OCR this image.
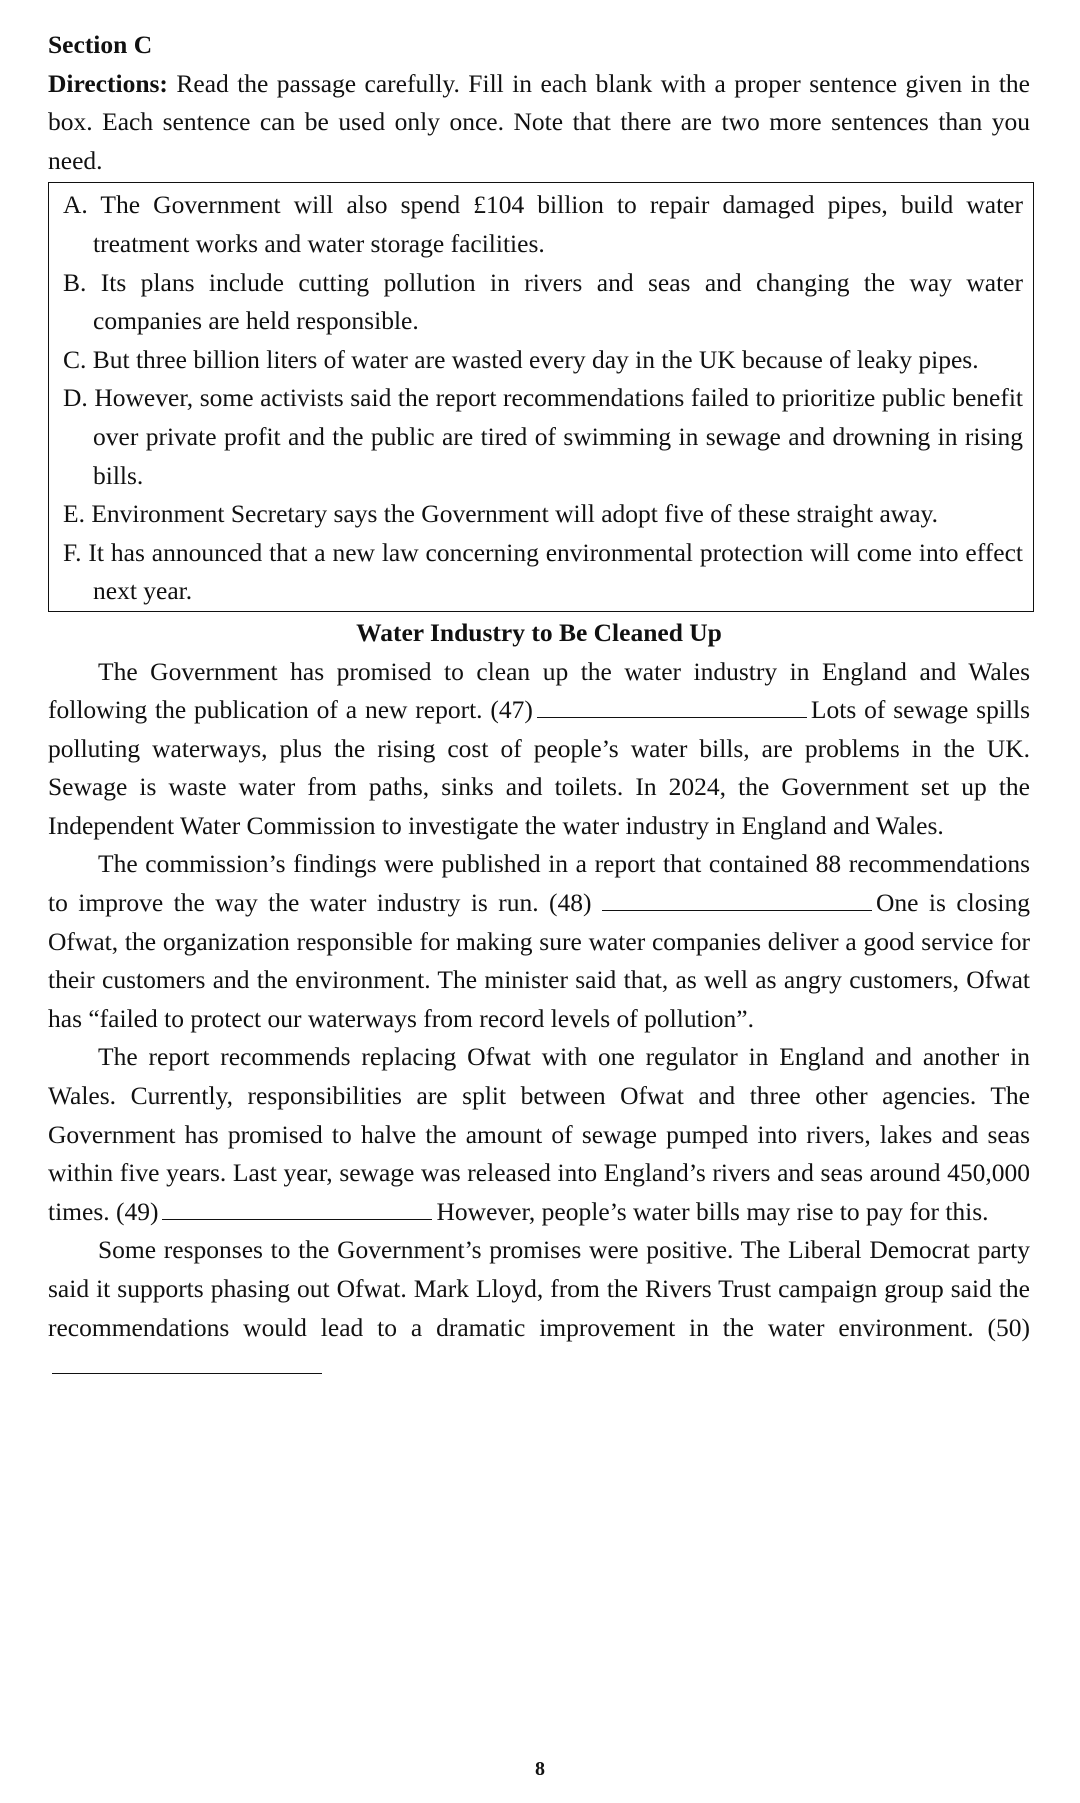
Section C

Directions: Read the passage carefully. Fill in each blank with a proper sentence given in the box. Each sentence can be used only once. Note that there are two more sentences than you need.

A. The Government will also spend £104 billion to repair damaged pipes, build water treatment works and water storage facilities.

B. Its plans include cutting pollution in rivers and seas and changing the way water companies are held responsible.

C. But three billion liters of water are wasted every day in the UK because of leaky pipes.

D. However, some activists said the report recommendations failed to prioritize public benefit over private profit and the public are tired of swimming in sewage and drowning in rising bills.

E. Environment Secretary says the Government will adopt five of these straight away.

F. It has announced that a new law concerning environmental protection will come into effect next year.

Water Industry to Be Cleaned Up

The Government has promised to clean up the water industry in England and Wales following the publication of a new report. (47)	Lots of sewage spills polluting waterways, plus the rising cost of people’s water bills, are problems in the UK. Sewage is waste water from paths, sinks and toilets. In 2024, the Government set up the Independent Water Commission to investigate the water industry in England and Wales.

The commission’s findings were published in a report that contained 88 recommendations to improve the way the water industry is run. (48)	One is closing Ofwat, the organization responsible for making sure water companies deliver a good service for their customers and the environment. The minister said that, as well as angry customers, Ofwat has “failed to protect our waterways from record levels of pollution”.

The report recommends replacing Ofwat with one regulator in England and another in Wales. Currently, responsibilities are split between Ofwat and three other agencies. The Government has promised to halve the amount of sewage pumped into rivers, lakes and seas within five years. Last year, sewage was released into England’s rivers and seas around 450,000 times. (49)	However, people’s water bills may rise to pay for this.

Some responses to the Government’s promises were positive. The Liberal Democrat party said it supports phasing out Ofwat. Mark Lloyd, from the Rivers Trust campaign group said the recommendations would lead to a dramatic improvement in the water environment. (50)

8
